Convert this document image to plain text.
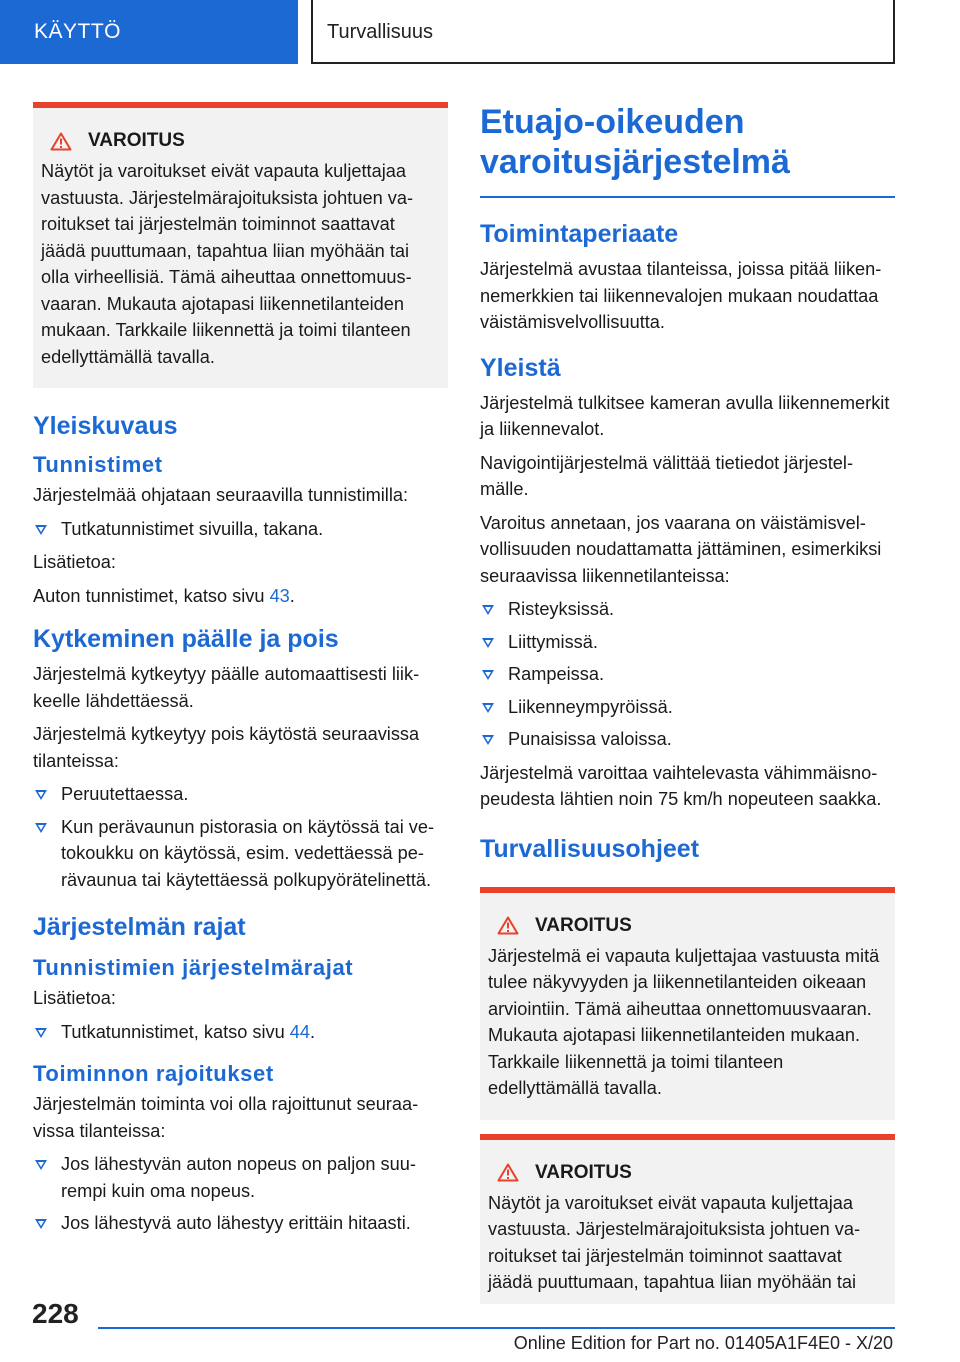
KÄYTTÖ	Turvallisuus
VAROITUS

Näytöt ja varoitukset eivät vapauta kuljettajaa vastuusta. Järjestelmärajoituksista johtuen varoitukset tai järjestelmän toiminnot saattavat jäädä puuttumaan, tapahtua liian myöhään tai olla virheellisiä. Tämä aiheuttaa onnettomuusvaaran. Mukauta ajotapasi liikennetilanteiden mukaan. Tarkkaile liikennettä ja toimi tilanteen edellyttämällä tavalla.

Yleiskuvaus
Tunnistimet

Järjestelmää ohjataan seuraavilla tunnistimilla:

Tutkatunnistimet sivuilla, takana.

Lisätietoa:

Auton tunnistimet, katso sivu 43.

Kytkeminen päälle ja pois

Järjestelmä kytkeytyy päälle automaattisesti liikkeelle lähdettäessä.

Järjestelmä kytkeytyy pois käytöstä seuraavissa tilanteissa:

Peruutettaessa.
Kun perävaunun pistorasia on käytössä tai vetokoukku on käytössä, esim. vedettäessä perävaunua tai käytettäessä polkupyörätelinettä.
Järjestelmän rajat
Tunnistimien järjestelmärajat

Lisätietoa:

Tutkatunnistimet, katso sivu 44.
Toiminnon rajoitukset

Järjestelmän toiminta voi olla rajoittunut seuraavissa tilanteissa:

Jos lähestyvän auton nopeus on paljon suurempi kuin oma nopeus.
Jos lähestyvä auto lähestyy erittäin hitaasti.
Etuajo-oikeuden varoitusjärjestelmä
Toimintaperiaate

Järjestelmä avustaa tilanteissa, joissa pitää liikennemerkkien tai liikennevalojen mukaan noudattaa väistämisvelvollisuutta.

Yleistä

Järjestelmä tulkitsee kameran avulla liikennemerkit ja liikennevalot.

Navigointijärjestelmä välittää tietiedot järjestelmälle.

Varoitus annetaan, jos vaarana on väistämisvelvollisuuden noudattamatta jättäminen, esimerkiksi seuraavissa liikennetilanteissa:

Risteyksissä.
Liittymissä.
Rampeissa.
Liikenneympyröissä.
Punaisissa valoissa.

Järjestelmä varoittaa vaihtelevasta vähimmäisnopeudesta lähtien noin 75 km/h nopeuteen saakka.

Turvallisuusohjeet
VAROITUS

Järjestelmä ei vapauta kuljettajaa vastuusta mitä tulee näkyvyyden ja liikennetilanteiden oikeaan arviointiin. Tämä aiheuttaa onnettomuusvaaran. Mukauta ajotapasi liikennetilanteiden mukaan. Tarkkaile liikennettä ja toimi tilanteen edellyttämällä tavalla.

VAROITUS

Näytöt ja varoitukset eivät vapauta kuljettajaa vastuusta. Järjestelmärajoituksista johtuen varoitukset tai järjestelmän toiminnot saattavat jäädä puuttumaan, tapahtua liian myöhään tai

228
Online Edition for Part no. 01405A1F4E0 - X/20
